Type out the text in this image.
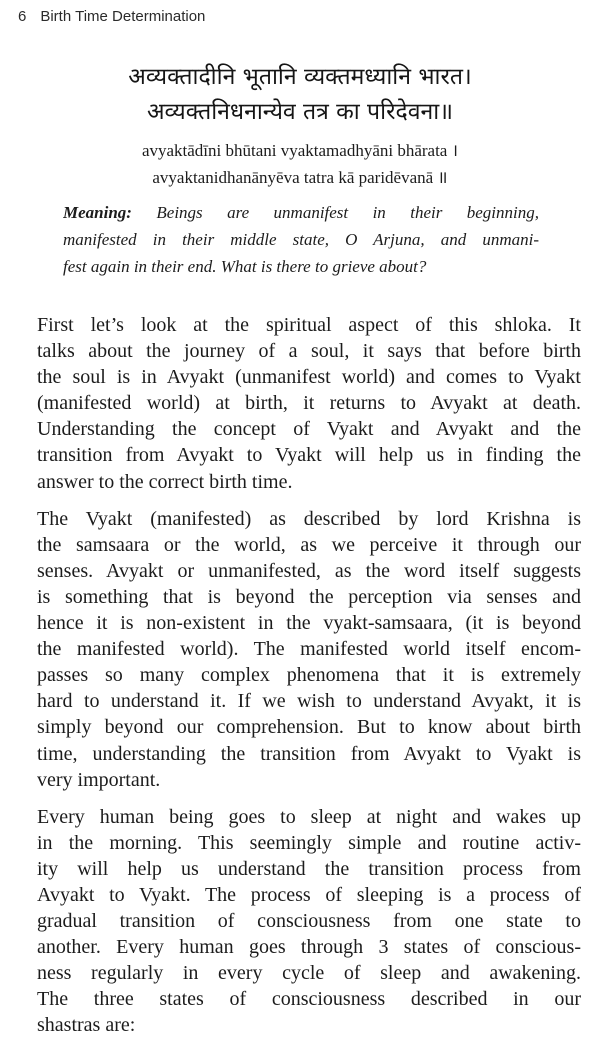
6 Birth Time Determination
अव्यक्तादीनि भूतानि व्यक्तमध्यानि भारत।
अव्यक्तनिधनान्येव तत्र का परिदेवना॥
avyaktādīni bhūtani vyaktamadhyāni bhārata ।
avyaktanidhanānyēva tatra kā paridēvanā ॥
Meaning: Beings are unmanifest in their beginning,
manifested in their middle state, O Arjuna, and unmani-
fest again in their end. What is there to grieve about?
First let’s look at the spiritual aspect of this shloka. It
talks about the journey of a soul, it says that before birth
the soul is in Avyakt (unmanifest world) and comes to Vyakt
(manifested world) at birth, it returns to Avyakt at death.
Understanding the concept of Vyakt and Avyakt and the
transition from Avyakt to Vyakt will help us in finding the
answer to the correct birth time.
The Vyakt (manifested) as described by lord Krishna is
the samsaara or the world, as we perceive it through our
senses. Avyakt or unmanifested, as the word itself suggests
is something that is beyond the perception via senses and
hence it is non-existent in the vyakt-samsaara, (it is beyond
the manifested world). The manifested world itself encom-
passes so many complex phenomena that it is extremely
hard to understand it. If we wish to understand Avyakt, it is
simply beyond our comprehension. But to know about birth
time, understanding the transition from Avyakt to Vyakt is
very important.
Every human being goes to sleep at night and wakes up
in the morning. This seemingly simple and routine activ-
ity will help us understand the transition process from
Avyakt to Vyakt. The process of sleeping is a process of
gradual transition of consciousness from one state to
another. Every human goes through 3 states of conscious-
ness regularly in every cycle of sleep and awakening.
The three states of consciousness described in our
shastras are:
